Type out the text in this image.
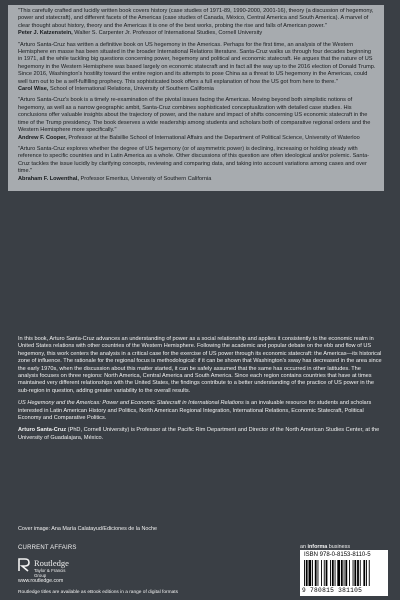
"This carefully crafted and lucidly written book covers history (case studies of 1971-89, 1990-2000, 2001-16), theory (a discussion of hegemony, power and statecraft), and different facets of the Americas (case studies of Canada, México, Central America and South America). A marvel of clear thought about history, theory and the Americas it is one of the best works, probing the rise and falls of American power."
Peter J. Katzenstein, Walter S. Carpenter Jr. Professor of International Studies, Cornell University
"Arturo Santa-Cruz has written a definitive book on US hegemony in the Americas. Perhaps for the first time, an analysis of the Western Hemisphere en masse has been situated in the broader International Relations literature. Santa-Cruz walks us through four decades beginning in 1971, all the while tackling big questions concerning power, hegemony and political and economic statecraft. He argues that the nature of US hegemony in the Western Hemisphere was based largely on economic statecraft and in fact all the way up to the 2016 election of Donald Trump. Since 2016, Washington's hostility toward the entire region and its attempts to pose China as a threat to US hegemony in the Americas, could well turn out to be a self-fulfilling prophecy. This sophisticated book offers a full explanation of how the US got from here to there."
Carol Wise, School of International Relations, University of Southern California
"Arturo Santa-Cruz's book is a timely re-examination of the pivotal issues facing the Americas. Moving beyond both simplistic notions of hegemony, as well as a narrow geographic ambit, Santa-Cruz combines sophisticated conceptualization with detailed case studies. His conclusions offer valuable insights about the trajectory of power, and the nature and impact of shifts concerning US economic statecraft in the time of the Trump presidency. The book deserves a wide readership among students and scholars both of comparative regional orders and the Western Hemisphere more specifically."
Andrew F. Cooper, Professor at the Balsillie School of International Affairs and the Department of Political Science, University of Waterloo
"Arturo Santa-Cruz explores whether the degree of US hegemony (or of asymmetric power) is declining, increasing or holding steady with reference to specific countries and in Latin America as a whole. Other discussions of this question are often ideological and/or polemic. Santa-Cruz tackles the issue lucidly by clarifying concepts, reviewing and comparing data, and taking into account variations among cases and over time."
Abraham F. Lowenthal, Professor Emeritus, University of Southern California

In this book, Arturo Santa-Cruz advances an understanding of power as a social relationship and applies it consistently to the economic realm in United States relations with other countries of the Western Hemisphere. Following the academic and popular debate on the ebb and flow of US hegemony, this work centers the analysis in a critical case for the exercise of US power through its economic statecraft: the Americas—its historical zone of influence. The rationale for the regional focus is methodological: if it can be shown that Washington's sway has decreased in the area since the early 1970s, when the discussion about this matter started, it can be safely assumed that the same has occurred in other latitudes. The analysis focuses on three regions: North America, Central America and South America. Since each region contains countries that have at times maintained very different relationships with the United States, the findings contribute to a better understanding of the practice of US power in the sub-region in question, adding greater variability to the overall results.

US Hegemony and the Americas: Power and Economic Statecraft in International Relations is an invaluable resource for students and scholars interested in Latin American History and Politics, North American Regional Integration, International Relations, Economic Statecraft, Political Economy and Comparative Politics.

Arturo Santa-Cruz (PhD, Cornell University) is Professor at the Pacific Rim Department and Director of the North American Studies Center, at the University of Guadalajara, México.

Cover image: Ana María Calatayud/Ediciones de la Noche
CURRENT AFFAIRS
Routledge
Taylor & Francis Group
www.routledge.com
Routledge titles are available as eBook editions in a range of digital formats
an informa business
ISBN 978-0-8153-8110-5
9 780815 381105
